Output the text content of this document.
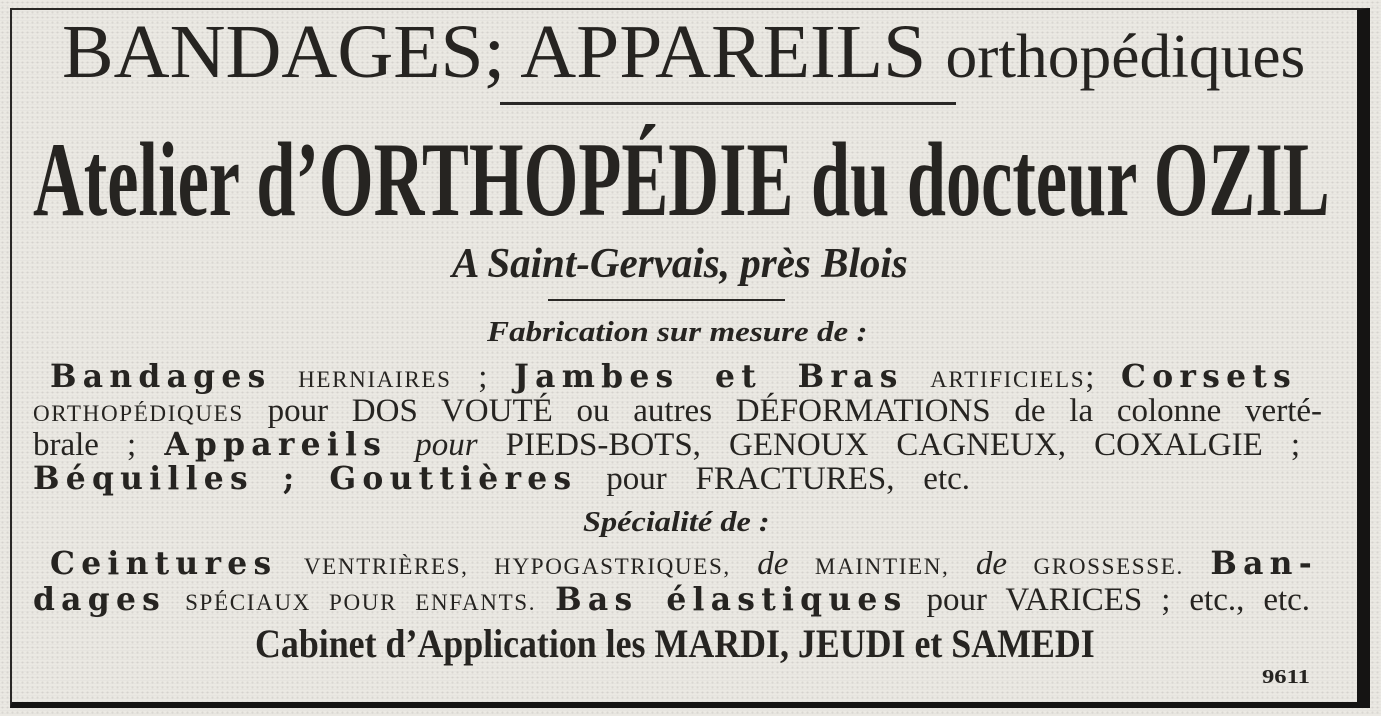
BANDAGES; APPAREILS orthopédiques
Atelier d’ORTHOPÉDIE du docteur OZIL
A Saint-Gervais, près Blois
Fabrication sur mesure de :
Bandages HERNIAIRES ; Jambes et Bras ARTIFICIELS; Corsets
ORTHOPÉDIQUES pour DOS VOUTÉ ou autres DÉFORMATIONS de la colonne verté-
brale ; Appareils pour PIEDS-BOTS, GENOUX CAGNEUX, COXALGIE ;
Béquilles ; Gouttières pour FRACTURES, etc.
Spécialité de :
Ceintures VENTRIÈRES, HYPOGASTRIQUES, de MAINTIEN, de GROSSESSE. Ban-
dages SPÉCIAUX POUR ENFANTS. Bas élastiques pour VARICES ; etc., etc.
Cabinet d’Application les MARDI, JEUDI et SAMEDI
9611
